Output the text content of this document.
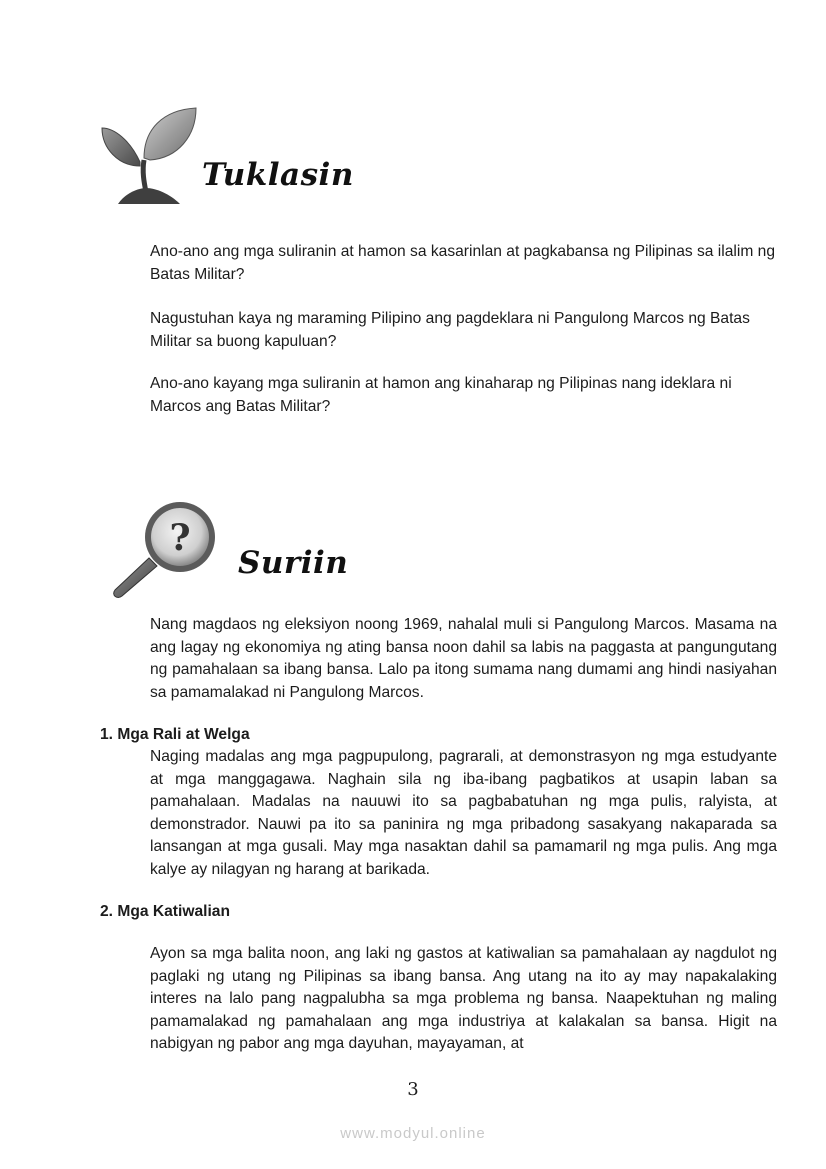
Tuklasin

Ano-ano ang mga suliranin at hamon sa kasarinlan at pagkabansa ng Pilipinas sa ilalim ng Batas Militar?

Nagustuhan kaya ng maraming Pilipino ang pagdeklara ni Pangulong Marcos ng Batas Militar sa buong kapuluan?

Ano-ano kayang mga suliranin at hamon ang kinaharap ng Pilipinas nang ideklara ni Marcos ang Batas Militar?

?
Suriin

Nang magdaos ng eleksiyon noong 1969, nahalal muli si Pangulong Marcos. Masama na ang lagay ng ekonomiya ng ating bansa noon dahil sa labis na paggasta at pangungutang ng pamahalaan sa ibang bansa. Lalo pa itong sumama nang dumami ang hindi nasiyahan sa pamamalakad ni Pangulong Marcos.

1. Mga Rali at Welga

Naging madalas ang mga pagpupulong, pagrarali, at demonstrasyon ng mga estudyante at mga manggagawa. Naghain sila ng iba-ibang pagbatikos at usapin laban sa pamahalaan. Madalas na nauuwi ito sa pagbabatuhan ng mga pulis, ralyista, at demonstrador. Nauwi pa ito sa paninira ng mga pribadong sasakyang nakaparada sa lansangan at mga gusali. May mga nasaktan dahil sa pamamaril ng mga pulis. Ang mga kalye ay nilagyan ng harang at barikada.

2. Mga Katiwalian

Ayon sa mga balita noon, ang laki ng gastos at katiwalian sa pamahalaan ay nagdulot ng paglaki ng utang ng Pilipinas sa ibang bansa. Ang utang na ito ay may napakalaking interes na lalo pang nagpalubha sa mga problema ng bansa. Naapektuhan ng maling pamamalakad ng pamahalaan ang mga industriya at kalakalan sa bansa. Higit na nabigyan ng pabor ang mga dayuhan, mayayaman, at

3
www.modyul.online
